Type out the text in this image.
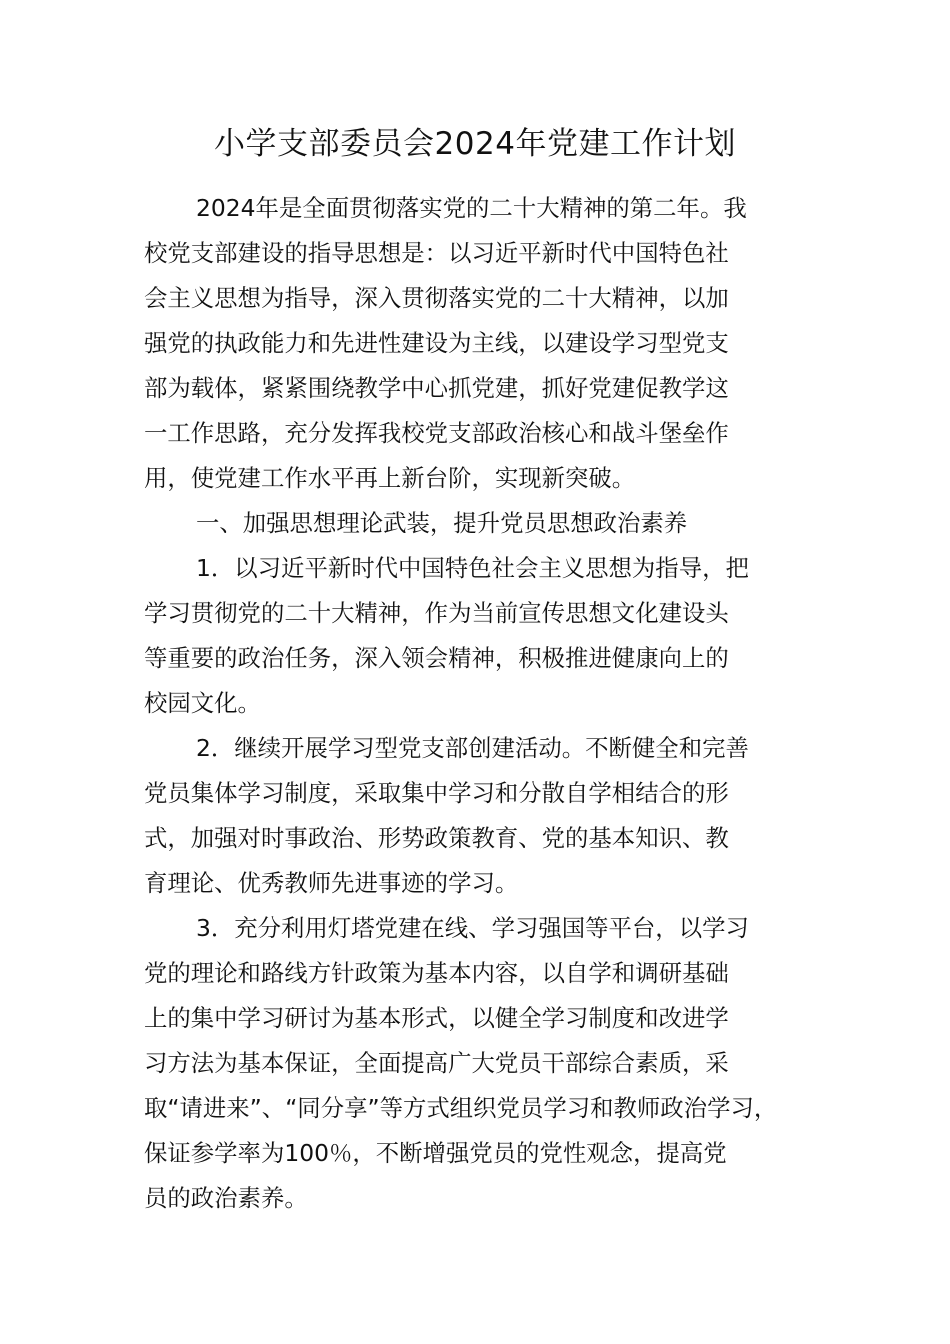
小学支部委员会2024年党建工作计划
2024年是全面贯彻落实党的二十大精神的第二年。我
校党支部建设的指导思想是：以习近平新时代中国特色社
会主义思想为指导，深入贯彻落实党的二十大精神，以加
强党的执政能力和先进性建设为主线，以建设学习型党支
部为载体，紧紧围绕教学中心抓党建，抓好党建促教学这
一工作思路，充分发挥我校党支部政治核心和战斗堡垒作
用，使党建工作水平再上新台阶，实现新突破。
一、加强思想理论武装，提升党员思想政治素养
1．以习近平新时代中国特色社会主义思想为指导，把
学习贯彻党的二十大精神，作为当前宣传思想文化建设头
等重要的政治任务，深入领会精神，积极推进健康向上的
校园文化。
2．继续开展学习型党支部创建活动。不断健全和完善
党员集体学习制度，采取集中学习和分散自学相结合的形
式，加强对时事政治、形势政策教育、党的基本知识、教
育理论、优秀教师先进事迹的学习。
3．充分利用灯塔党建在线、学习强国等平台，以学习
党的理论和路线方针政策为基本内容，以自学和调研基础
上的集中学习研讨为基本形式，以健全学习制度和改进学
习方法为基本保证，全面提高广大党员干部综合素质，采
取“请进来”、“同分享”等方式组织党员学习和教师政治学习，
保证参学率为100％，不断增强党员的党性观念，提高党
员的政治素养。
